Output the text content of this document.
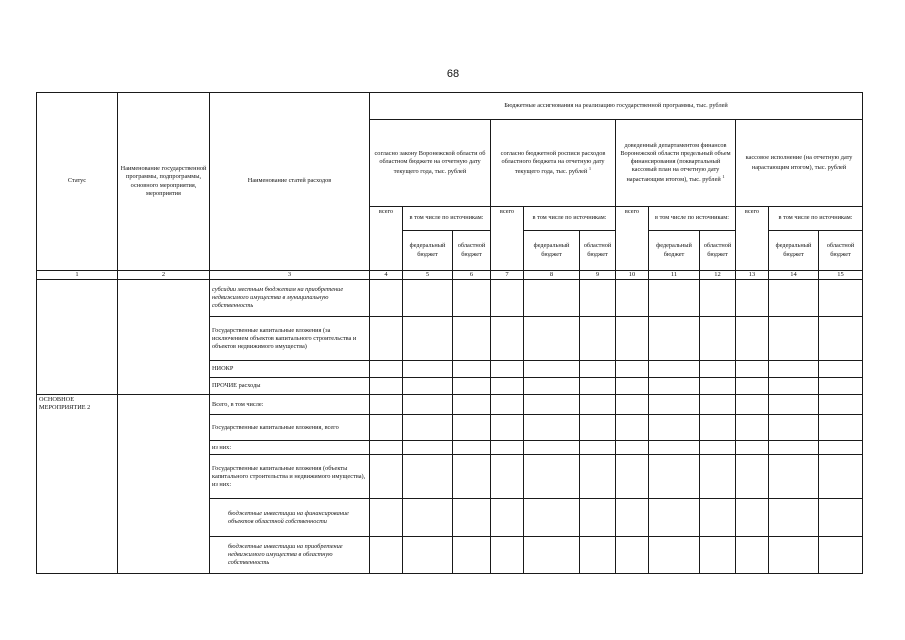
68
Статус	Наименование государственной программы, подпрограммы, основного мероприятия, мероприятия	Наименование статей расходов	Бюджетные ассигнования на реализацию государственной программы, тыс. рублей											
			согласно закону Воронежской области об областном бюджете на отчетную дату текущего года, тыс. рублей			согласно бюджетной росписи расходов областного бюджета на отчетную дату текущего года, тыс. рублей $^1$			доведенный департаментом финансов Воронежской области предельный объем финансирования (поквартальный кассовый план на отчетную дату нарастающим итогом), тыс. рублей $^1$			кассовое исполнение (на отчетную дату нарастающим итогом), тыс. рублей		
			всего	в том числе по источникам:		всего	в том числе по источникам:		всего	в том числе по источникам:		всего	в том числе по источникам:	
				федеральный бюджет	областной бюджет		федеральный бюджет	областной бюджет		федеральный бюджет	областной бюджет		федеральный бюджет	областной бюджет
1	2	3	4	5	6	7	8	9	10	11	12	13	14	15
		субсидии местным бюджетам на приобретение недвижимого имущества в муниципальную собственность												
		Государственные капитальные вложения (за исключением объектов капитального строительства и объектов недвижимого имущества)												
		НИОКР												
		ПРОЧИЕ расходы												
ОСНОВНОЕ МЕРОПРИЯТИЕ 2		Всего, в том числе:												
		Государственные капитальные вложения, всего												
		из них:												
		Государственные капитальные вложения (объекты капитального строительства и недвижимого имущества), из них:												
		бюджетные инвестиции на финансирование объектов областной собственности												
		бюджетные инвестиции на приобретение недвижимого имущества в областную собственность												
